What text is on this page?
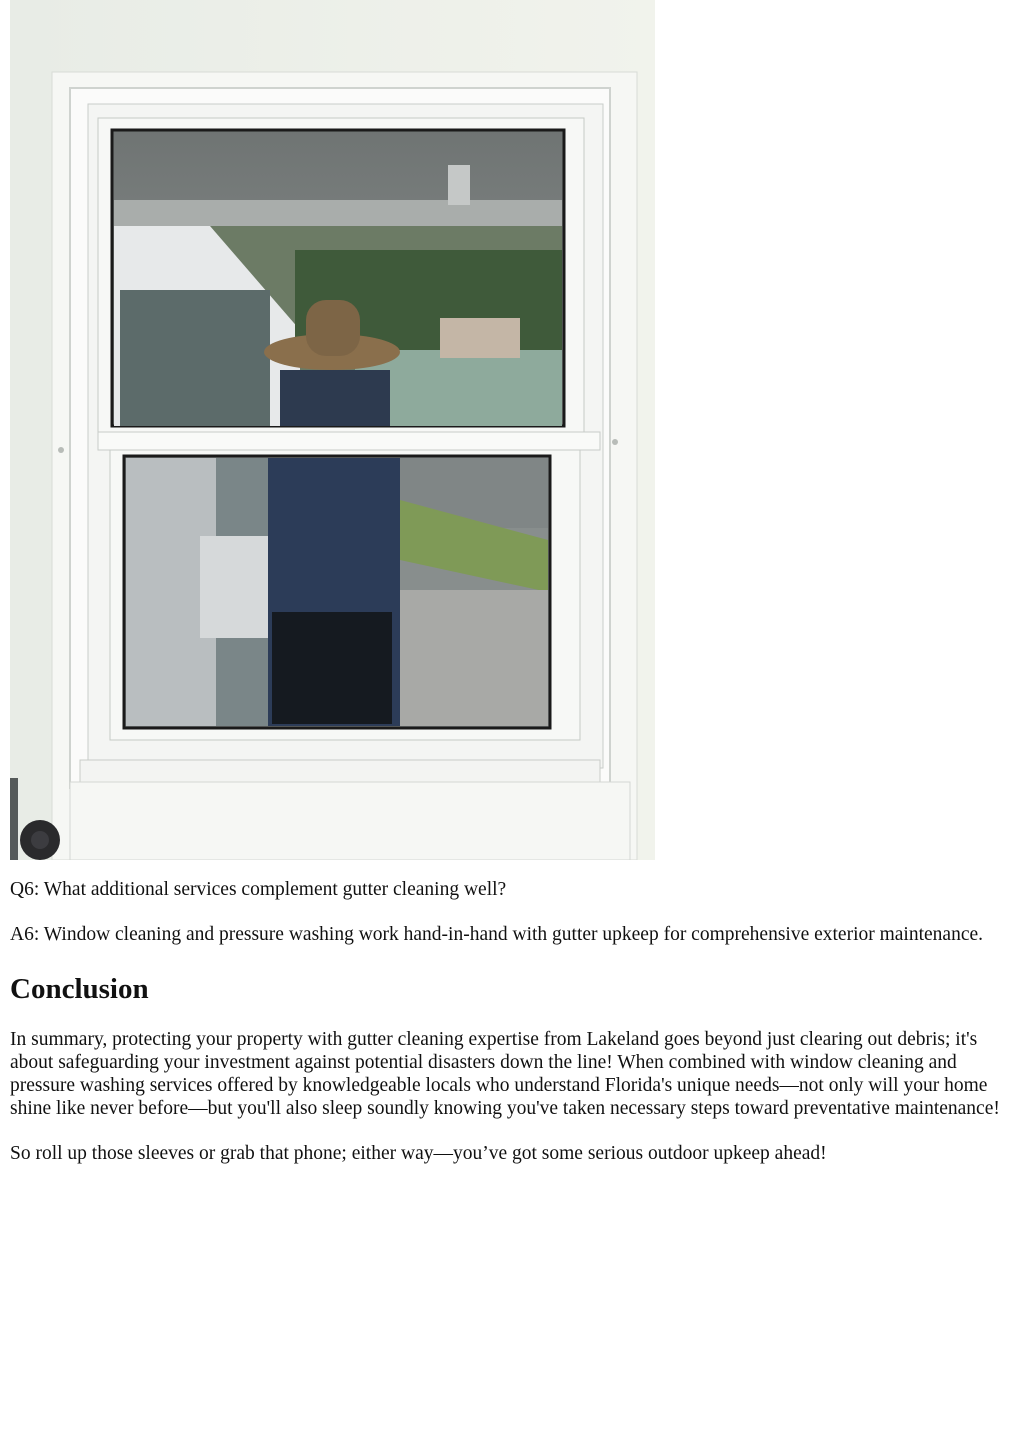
Q6: What additional services complement gutter cleaning well?

A6: Window cleaning and pressure washing work hand-in-hand with gutter upkeep for comprehensive exterior maintenance.

Conclusion

In summary, protecting your property with gutter cleaning expertise from Lakeland goes beyond just clearing out debris; it's about safeguarding your investment against potential disasters down the line! When combined with window cleaning and pressure washing services offered by knowledgeable locals who understand Florida's unique needs—not only will your home shine like never before—but you'll also sleep soundly knowing you've taken necessary steps toward preventative maintenance!

So roll up those sleeves or grab that phone; either way—you’ve got some serious outdoor upkeep ahead!
